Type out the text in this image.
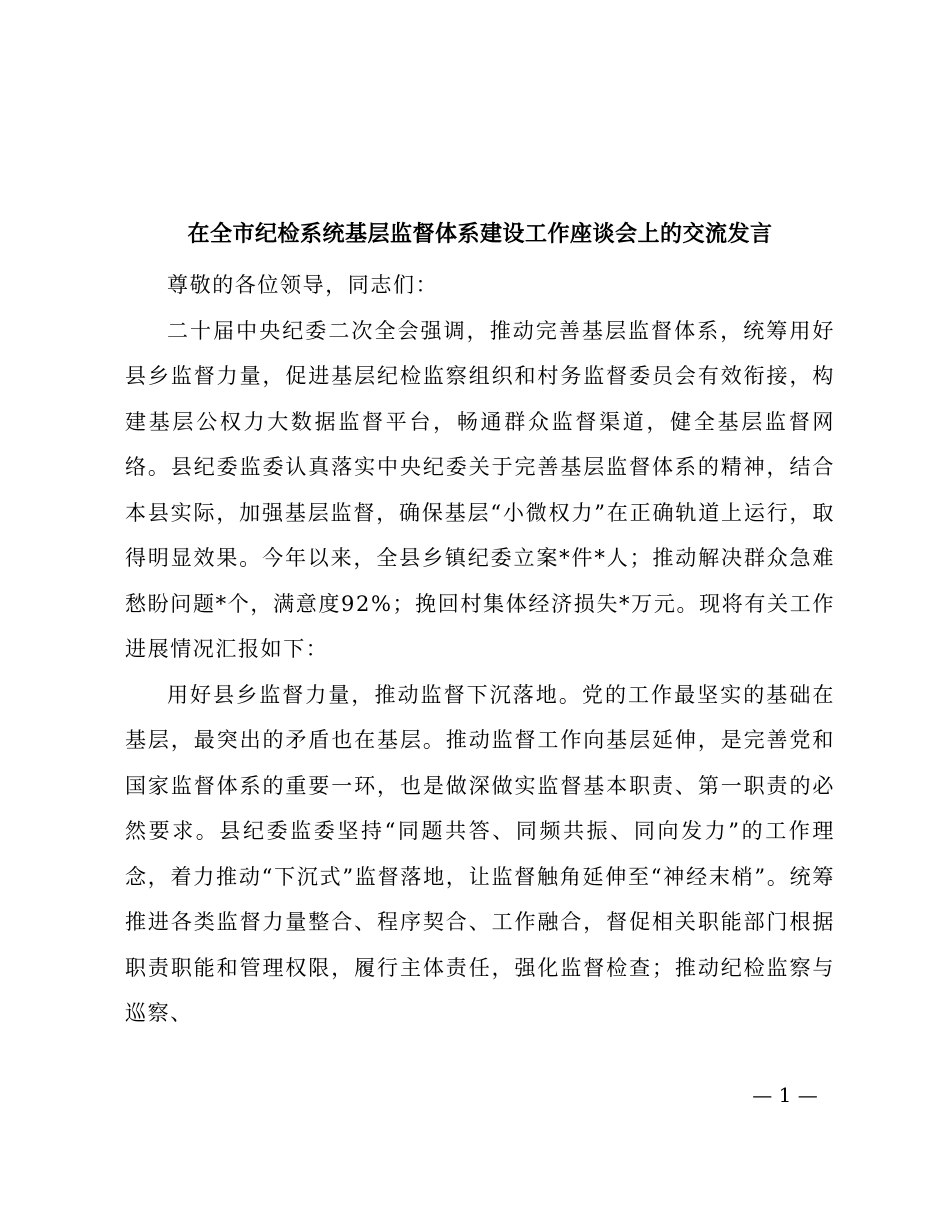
在全市纪检系统基层监督体系建设工作座谈会上的交流发言

尊敬的各位领导，同志们：

二十届中央纪委二次全会强调，推动完善基层监督体系，统筹用好县乡监督力量，促进基层纪检监察组织和村务监督委员会有效衔接，构建基层公权力大数据监督平台，畅通群众监督渠道，健全基层监督网络。县纪委监委认真落实中央纪委关于完善基层监督体系的精神，结合本县实际，加强基层监督，确保基层“小微权力”在正确轨道上运行，取得明显效果。今年以来，全县乡镇纪委立案*件*人；推动解决群众急难愁盼问题*个，满意度92%；挽回村集体经济损失*万元。现将有关工作进展情况汇报如下：

用好县乡监督力量，推动监督下沉落地。党的工作最坚实的基础在基层，最突出的矛盾也在基层。推动监督工作向基层延伸，是完善党和国家监督体系的重要一环，也是做深做实监督基本职责、第一职责的必然要求。县纪委监委坚持“同题共答、同频共振、同向发力”的工作理念，着力推动“下沉式”监督落地，让监督触角延伸至“神经末梢”。统筹推进各类监督力量整合、程序契合、工作融合，督促相关职能部门根据职责职能和管理权限，履行主体责任，强化监督检查；推动纪检监察与巡察、

— 1 —
